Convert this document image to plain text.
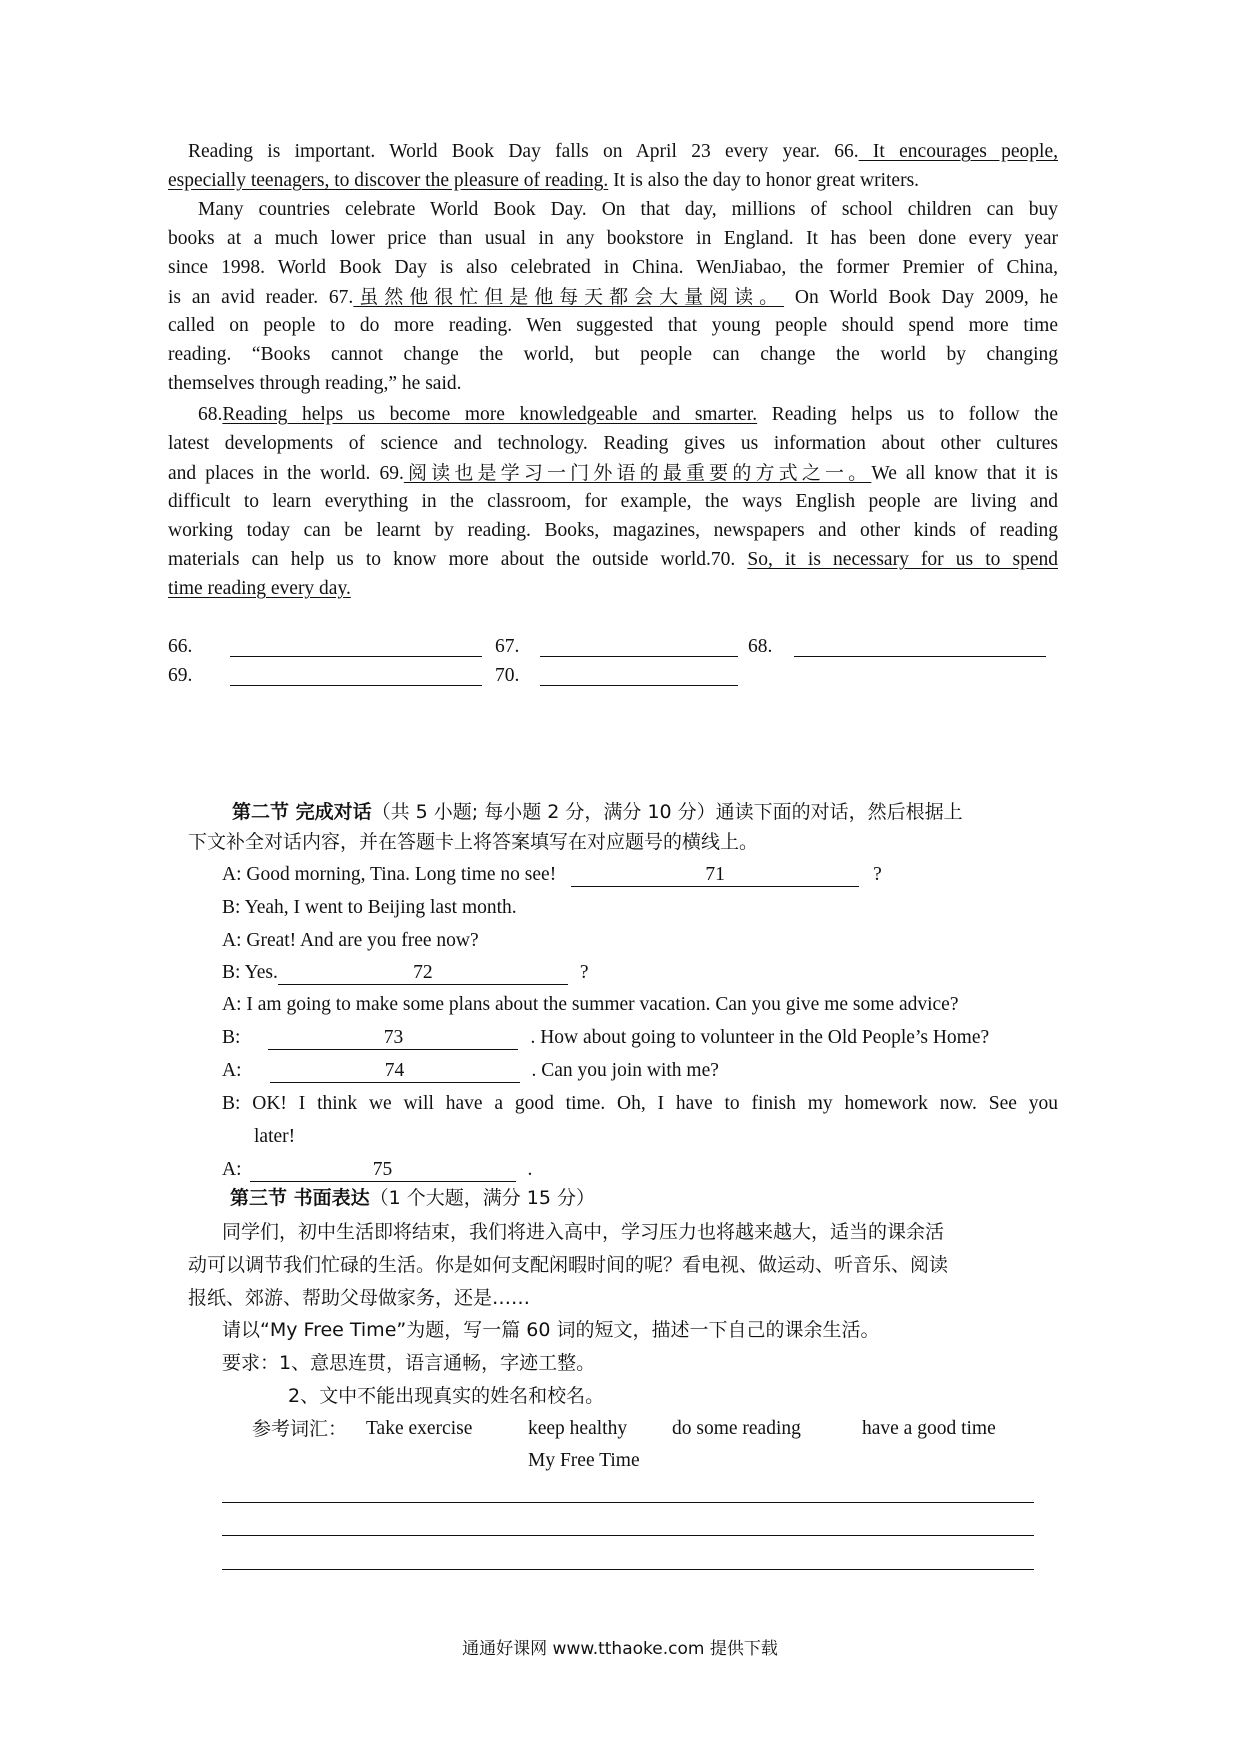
Reading is important. World Book Day falls on April 23 every year. 66. It encourages people,
especially teenagers, to discover the pleasure of reading. It is also the day to honor great writers.
Many countries celebrate World Book Day. On that day, millions of school children can buy
books at a much lower price than usual in any bookstore in England. It has been done every year
since 1998. World Book Day is also celebrated in China. WenJiabao, the former Premier of China,
is an avid reader. 67.虽然他很忙但是他每天都会大量阅读。 On World Book Day 2009, he
called on people to do more reading. Wen suggested that young people should spend more time
reading. “Books cannot change the world, but people can change the world by changing
themselves through reading,” he said.
68.Reading helps us become more knowledgeable and smarter. Reading helps us to follow the
latest developments of science and technology. Reading gives us information about other cultures
and places in the world. 69.阅读也是学习一门外语的最重要的方式之一。We all know that it is
difficult to learn everything in the classroom, for example, the ways English people are living and
working today can be learnt by reading. Books, magazines, newspapers and other kinds of reading
materials can help us to know more about the outside world.70. So, it is necessary for us to spend
time reading every day.
66.	67.	68.
69.	70.
第二节 完成对话（共 5 小题; 每小题 2 分，满分 10 分）通读下面的对话，然后根据上
下文补全对话内容，并在答题卡上将答案填写在对应题号的横线上。
A: Good morning, Tina. Long time no see!	71	?
B: Yeah, I went to Beijing last month.
A: Great! And are you free now?
B: Yes.	72	?
A: I am going to make some plans about the summer vacation. Can you give me some advice?
B:	73	. How about going to volunteer in the Old People’s Home?
A:	74	. Can you join with me?
B: OK! I think we will have a good time. Oh, I have to finish my homework now. See you
later!
A:	75	.
第三节 书面表达（1 个大题，满分 15 分）
同学们，初中生活即将结束，我们将进入高中，学习压力也将越来越大，适当的课余活
动可以调节我们忙碌的生活。你是如何支配闲暇时间的呢？看电视、做运动、听音乐、阅读
报纸、郊游、帮助父母做家务，还是……
请以“My Free Time”为题，写一篇 60 词的短文，描述一下自己的课余生活。
要求：1、意思连贯，语言通畅，字迹工整。
2、文中不能出现真实的姓名和校名。
参考词汇： Take exercise	keep healthy do some reading	have a good time
My Free Time
通通好课网 www.tthaoke.com 提供下载
